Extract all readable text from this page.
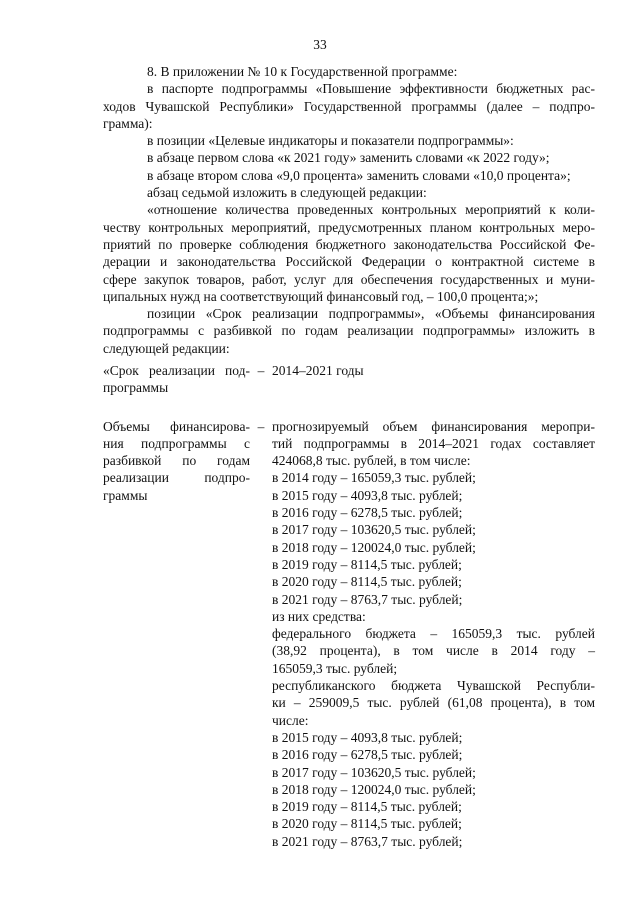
33

8. В приложении № 10 к Государственной программе:

в паспорте подпрограммы «Повышение эффективности бюджетных рас-
ходов Чувашской Республики» Государственной программы (далее – подпро-
грамма):

в позиции «Целевые индикаторы и показатели подпрограммы»:

в абзаце первом слова «к 2021 году» заменить словами «к 2022 году»;

в абзаце втором слова «9,0 процента» заменить словами «10,0 процента»;

абзац седьмой изложить в следующей редакции:

«отношение количества проведенных контрольных мероприятий к коли-
честву контрольных мероприятий, предусмотренных планом контрольных меро-
приятий по проверке соблюдения бюджетного законодательства Российской Фе-
дерации и законодательства Российской Федерации о контрактной системе в
сфере закупок товаров, работ, услуг для обеспечения государственных и муни-
ципальных нужд на соответствующий финансовый год, – 100,0 процента;»;

позиции «Срок реализации подпрограммы», «Объемы финансирования
подпрограммы с разбивкой по годам реализации подпрограммы» изложить в
следующей редакции:

«Срок реализации под-
программы
– 2014–2021 годы
Объемы финансирова-
ния подпрограммы с
разбивкой по годам
реализации подпро-
граммы
– прогнозируемый объем финансирования меропри-
тий подпрограммы в 2014–2021 годах составляет
424068,8 тыс. рублей, в том числе:
в 2014 году – 165059,3 тыс. рублей;
в 2015 году – 4093,8 тыс. рублей;
в 2016 году – 6278,5 тыс. рублей;
в 2017 году – 103620,5 тыс. рублей;
в 2018 году – 120024,0 тыс. рублей;
в 2019 году – 8114,5 тыс. рублей;
в 2020 году – 8114,5 тыс. рублей;
в 2021 году – 8763,7 тыс. рублей;
из них средства:
федерального бюджета – 165059,3 тыс. рублей
(38,92 процента), в том числе в 2014 году –
165059,3 тыс. рублей;
республиканского бюджета Чувашской Республи-
ки – 259009,5 тыс. рублей (61,08 процента), в том
числе:
в 2015 году – 4093,8 тыс. рублей;
в 2016 году – 6278,5 тыс. рублей;
в 2017 году – 103620,5 тыс. рублей;
в 2018 году – 120024,0 тыс. рублей;
в 2019 году – 8114,5 тыс. рублей;
в 2020 году – 8114,5 тыс. рублей;
в 2021 году – 8763,7 тыс. рублей;
